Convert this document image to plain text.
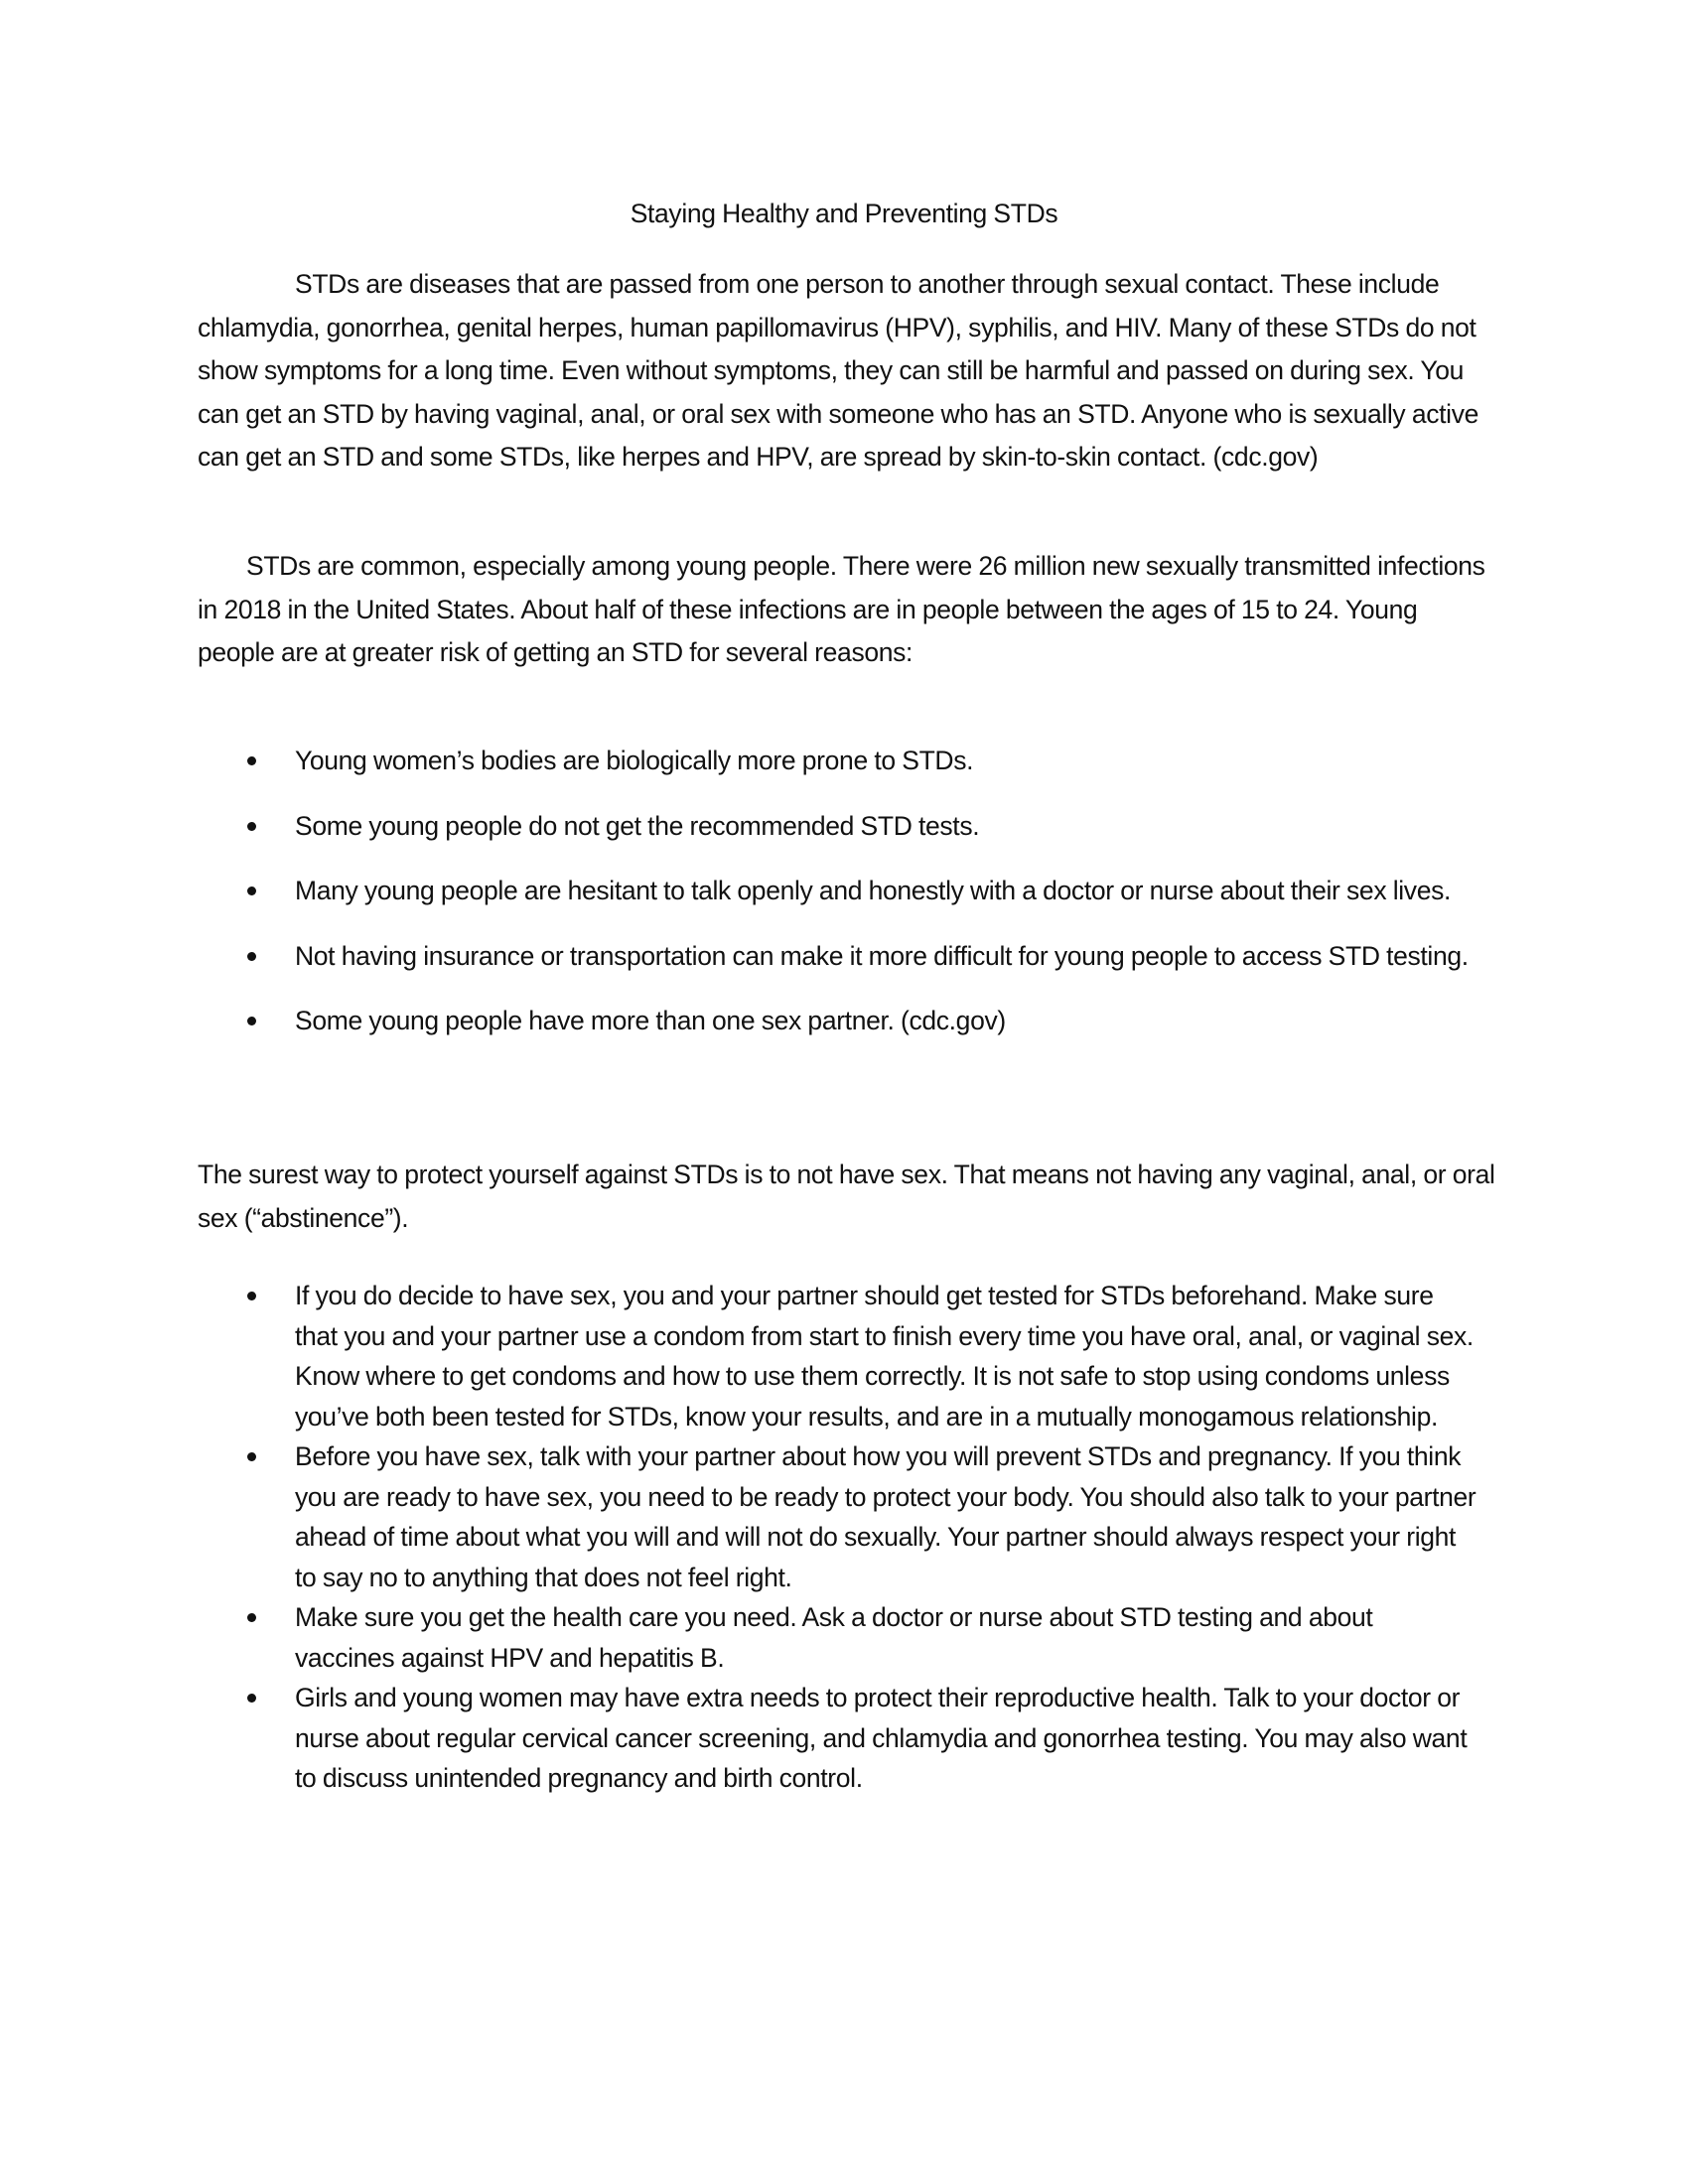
Staying Healthy and Preventing STDs

STDs are diseases that are passed from one person to another through sexual contact. These include chlamydia, gonorrhea, genital herpes, human papillomavirus (HPV), syphilis, and HIV. Many of these STDs do not show symptoms for a long time. Even without symptoms, they can still be harmful and passed on during sex. You can get an STD by having vaginal, anal, or oral sex with someone who has an STD. Anyone who is sexually active can get an STD and some STDs, like herpes and HPV, are spread by skin-to-skin contact. (cdc.gov)

STDs are common, especially among young people. There were 26 million new sexually transmitted infections in 2018 in the United States. About half of these infections are in people between the ages of 15 to 24. Young people are at greater risk of getting an STD for several reasons:

Young women’s bodies are biologically more prone to STDs.
Some young people do not get the recommended STD tests.
Many young people are hesitant to talk openly and honestly with a doctor or nurse about their sex lives.
Not having insurance or transportation can make it more difficult for young people to access STD testing.
Some young people have more than one sex partner. (cdc.gov)

The surest way to protect yourself against STDs is to not have sex. That means not having any vaginal, anal, or oral sex (“abstinence”).

If you do decide to have sex, you and your partner should get tested for STDs beforehand. Make sure that you and your partner use a condom from start to finish every time you have oral, anal, or vaginal sex. Know where to get condoms and how to use them correctly. It is not safe to stop using condoms unless you’ve both been tested for STDs, know your results, and are in a mutually monogamous relationship.
Before you have sex, talk with your partner about how you will prevent STDs and pregnancy. If you think you are ready to have sex, you need to be ready to protect your body. You should also talk to your partner ahead of time about what you will and will not do sexually. Your partner should always respect your right to say no to anything that does not feel right.
Make sure you get the health care you need. Ask a doctor or nurse about STD testing and about vaccines against HPV and hepatitis B.
Girls and young women may have extra needs to protect their reproductive health. Talk to your doctor or nurse about regular cervical cancer screening, and chlamydia and gonorrhea testing. You may also want to discuss unintended pregnancy and birth control.
